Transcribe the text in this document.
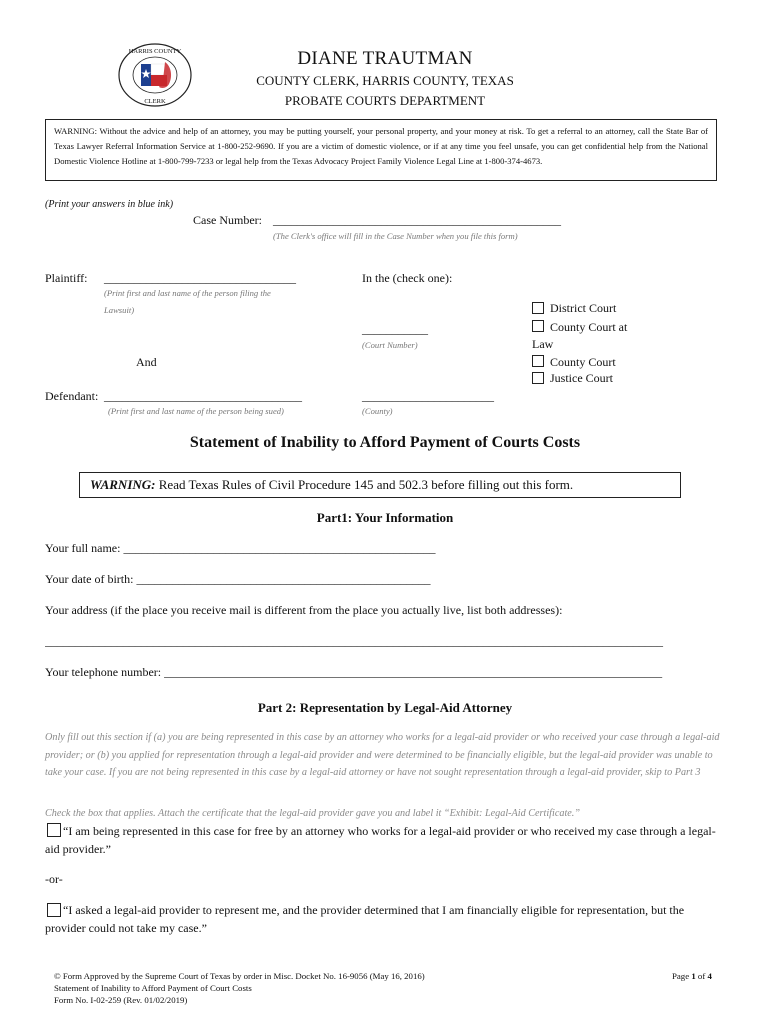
HARRIS COUNTY
CLERK
DIANE TRAUTMAN
COUNTY CLERK, HARRIS COUNTY, TEXAS
PROBATE COURTS DEPARTMENT
WARNING: Without the advice and help of an attorney, you may be putting yourself, your personal property, and your money at risk. To get a referral to an attorney, call the State Bar of Texas Lawyer Referral Information Service at 1-800-252-9690. If you are a victim of domestic violence, or if at any time you feel unsafe, you can get confidential help from the National Domestic Violence Hotline at 1-800-799-7233 or legal help from the Texas Advocacy Project Family Violence Legal Line at 1-800-374-4673.
(Print your answers in blue ink)
Case Number: ________________________________________________
(The Clerk's office will fill in the Case Number when you file this form)
Plaintiff: ________________________________
(Print first and last name of the person filing the
Lawsuit)
And
Defendant: _________________________________
(Print first and last name of the person being sued)
In the (check one):
___________
(Court Number)
______________________
(County)
District Court
County Court at
Law
County Court
Justice Court
Statement of Inability to Afford Payment of Courts Costs
WARNING: Read Texas Rules of Civil Procedure 145 and 502.3 before filling out this form.
Part1: Your Information
Your full name: ____________________________________________________
Your date of birth: _________________________________________________
Your address (if the place you receive mail is different from the place you actually live, list both addresses):
_______________________________________________________________________________________________________
Your telephone number: ___________________________________________________________________________________
Part 2: Representation by Legal-Aid Attorney
Only fill out this section if (a) you are being represented in this case by an attorney who works for a legal-aid provider or who received your case through a legal-aid provider; or (b) you applied for representation through a legal-aid provider and were determined to be financially eligible, but the legal-aid provider was unable to take your case. If you are not being represented in this case by a legal-aid attorney or have not sought representation through a legal-aid provider, skip to Part 3
Check the box that applies. Attach the certificate that the legal-aid provider gave you and label it “Exhibit: Legal-Aid Certificate.”
“I am being represented in this case for free by an attorney who works for a legal-aid provider or who received my case through a legal-aid provider.”
-or-
“I asked a legal-aid provider to represent me, and the provider determined that I am financially eligible for representation, but the provider could not take my case.”
© Form Approved by the Supreme Court of Texas by order in Misc. Docket No. 16-9056 (May 16, 2016)
Statement of Inability to Afford Payment of Court Costs
Form No. I-02-259 (Rev. 01/02/2019)
Page 1 of 4
